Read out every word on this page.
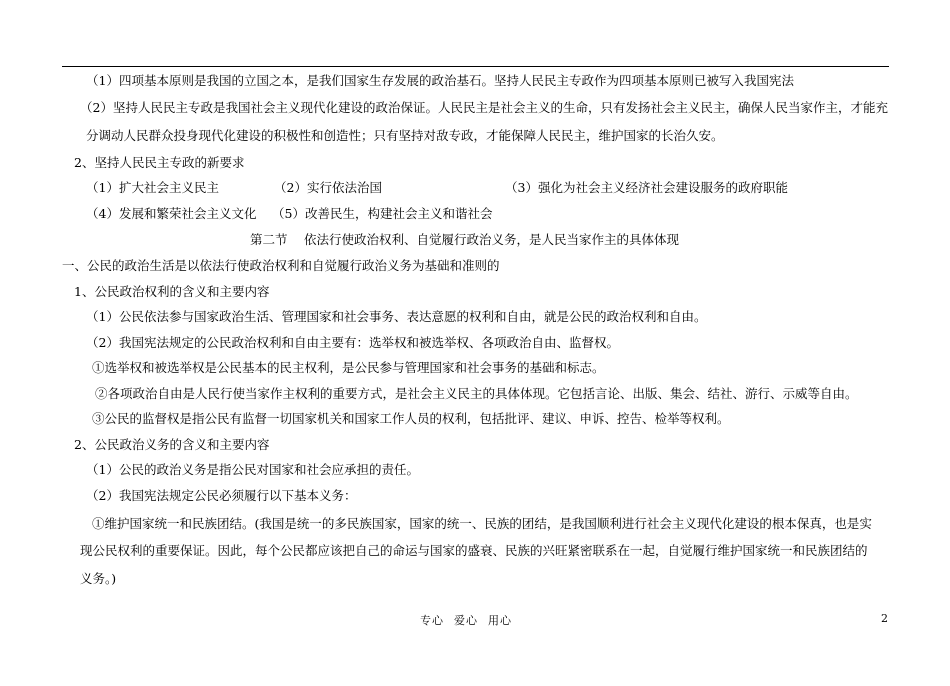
（1）四项基本原则是我国的立国之本，是我们国家生存发展的政治基石。坚持人民民主专政作为四项基本原则已被写入我国宪法
（2）坚持人民民主专政是我国社会主义现代化建设的政治保证。人民民主是社会主义的生命，只有发扬社会主义民主，确保人民当家作主，才能充
分调动人民群众投身现代化建设的积极性和创造性；只有坚持对敌专政，才能保障人民民主，维护国家的长治久安。
2、坚持人民民主专政的新要求
（1）扩大社会主义民主	（2）实行依法治国	（3）强化为社会主义经济社会建设服务的政府职能
（4）发展和繁荣社会主义文化 （5）改善民生，构建社会主义和谐社会
第二节　 依法行使政治权利、自觉履行政治义务，是人民当家作主的具体体现
一、公民的政治生活是以依法行使政治权利和自觉履行政治义务为基础和准则的
1、公民政治权利的含义和主要内容
（1）公民依法参与国家政治生活、管理国家和社会事务、表达意愿的权利和自由，就是公民的政治权利和自由。
（2）我国宪法规定的公民政治权利和自由主要有：选举权和被选举权、各项政治自由、监督权。
①选举权和被选举权是公民基本的民主权利，是公民参与管理国家和社会事务的基础和标志。
②各项政治自由是人民行使当家作主权利的重要方式，是社会主义民主的具体体现。它包括言论、出版、集会、结社、游行、示威等自由。
③公民的监督权是指公民有监督一切国家机关和国家工作人员的权利，包括批评、建议、申诉、控告、检举等权利。
2、公民政治义务的含义和主要内容
（1）公民的政治义务是指公民对国家和社会应承担的责任。
（2）我国宪法规定公民必须履行以下基本义务：
①维护国家统一和民族团结。(我国是统一的多民族国家，国家的统一、民族的团结，是我国顺利进行社会主义现代化建设的根本保真，也是实
现公民权利的重要保证。因此，每个公民都应该把自己的命运与国家的盛衰、民族的兴旺紧密联系在一起，自觉履行维护国家统一和民族团结的
义务。)
专心 爱心 用心	2
